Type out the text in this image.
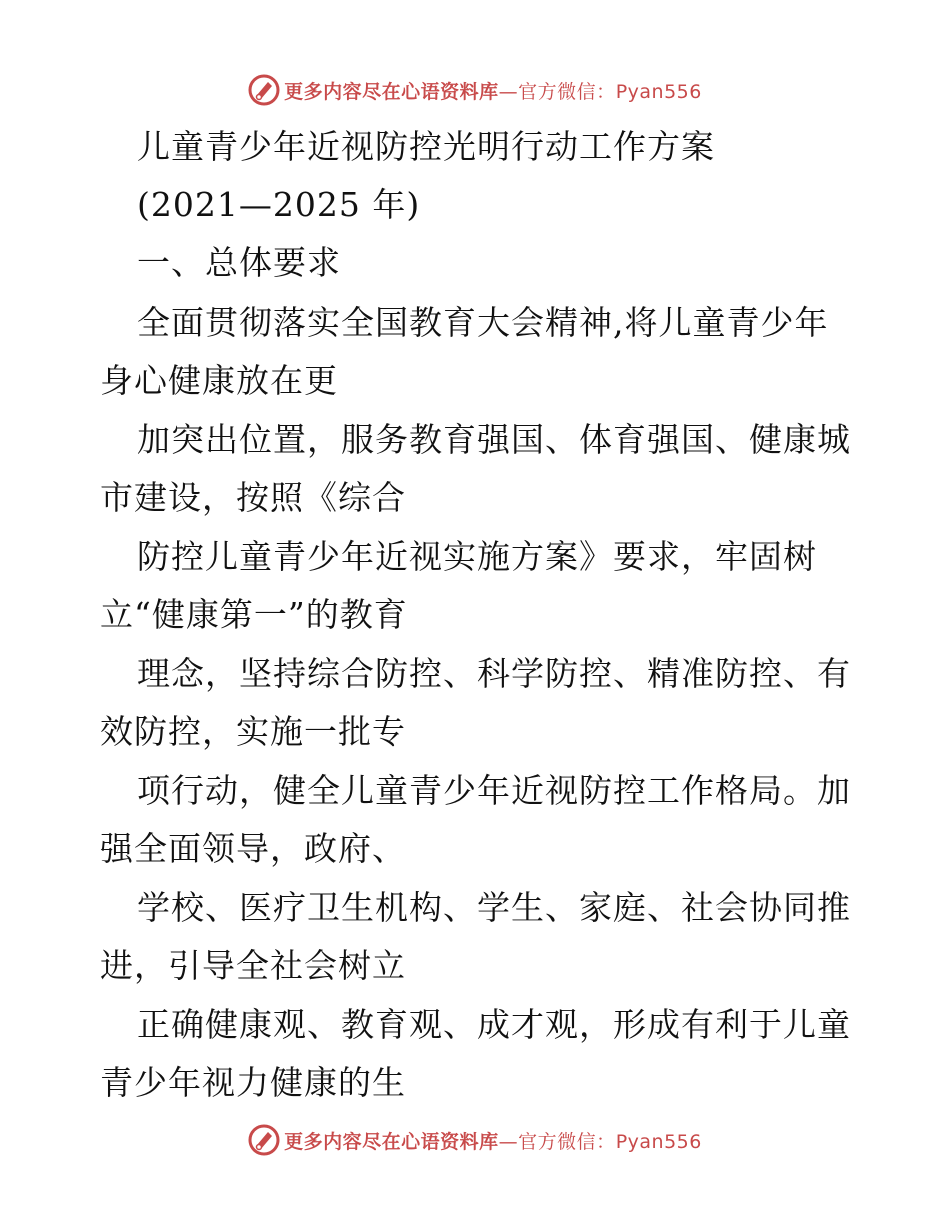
更多内容尽在心语资料库—官方微信：Pyan556
儿童青少年近视防控光明行动工作方案
(2021—2025 年)
一、总体要求
全面贯彻落实全国教育大会精神,将儿童青少年
身心健康放在更
加突出位置，服务教育强国、体育强国、健康城
市建设，按照《综合
防控儿童青少年近视实施方案》要求，牢固树
立“健康第一”的教育
理念，坚持综合防控、科学防控、精准防控、有
效防控，实施一批专
项行动，健全儿童青少年近视防控工作格局。加
强全面领导，政府、
学校、医疗卫生机构、学生、家庭、社会协同推
进，引导全社会树立
正确健康观、教育观、成才观，形成有利于儿童
青少年视力健康的生
更多内容尽在心语资料库—官方微信：Pyan556
